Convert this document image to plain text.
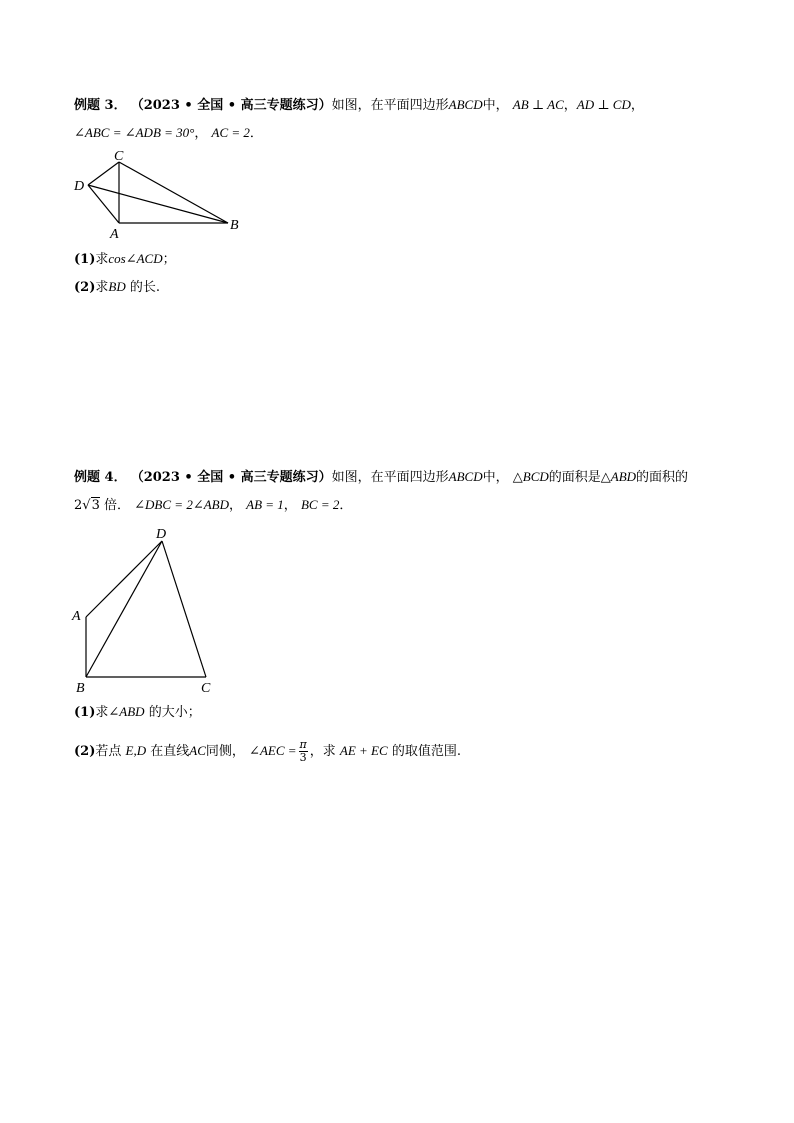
例题 3． （2023 • 全国 • 高三专题练习）如图，在平面四边形ABCD中， AB ⊥ AC，AD ⊥ CD，
∠ABC = ∠ADB = 30°， AC = 2．
C
D
A
B
(1)求cos∠ACD；
(2)求BD 的长.
例题 4． （2023 • 全国 • 高三专题练习）如图，在平面四边形ABCD中， △BCD的面积是△ABD的面积的
2√3 倍． ∠DBC = 2∠ABD， AB = 1， BC = 2．
D
A
B	C
(1)求∠ABD 的大小；
(2)若点 E,D 在直线AC同侧， ∠AEC = $\frac{\pi}{3}$ ，求 AE + EC 的取值范围.
